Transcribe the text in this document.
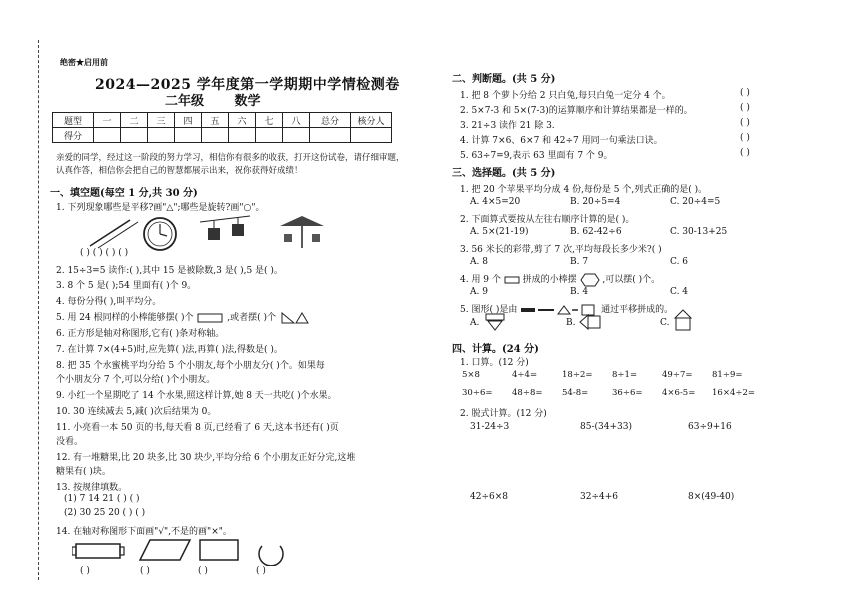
绝密★启用前
2024—2025 学年度第一学期期中学情检测卷
二年级 数学
题型	一	二	三	四	五	六	七	八	总分	核分人
得分										
亲爱的同学，经过这一阶段的努力学习，相信你有很多的收获，打开这份试卷，请仔细审题，认真作答，相信你会把自己的智慧都展示出来，祝你获得好成绩！
一、填空题(每空 1 分,共 30 分)
1. 下列现象哪些是平移?画"△";哪些是旋转?画"○"。
( ) ( ) ( ) ( )
2. 15÷3=5 读作:( ),其中 15 是被除数,3 是( ),5 是( )。
3. 8 个 5 是( );54 里面有( )个 9。
4. 每份分得( ),叫平均分。
5. 用 24 根同样的小棒能够摆( )个	,或者摆( )个
6. 正方形是轴对称图形,它有( )条对称轴。
7. 在计算 7×(4+5)时,应先算( )法,再算( )法,得数是( )。
8. 把 35 个水蜜桃平均分给 5 个小朋友,每个小朋友分( )个。如果每
个小朋友分 7 个,可以分给( )个小朋友。
9. 小红一个星期吃了 14 个水果,照这样计算,她 8 天一共吃( )个水果。
10. 30 连续减去 5,减( )次后结果为 0。
11. 小亮看一本 50 页的书,每天看 8 页,已经看了 6 天,这本书还有( )页
没看。
12. 有一堆糖果,比 20 块多,比 30 块少,平均分给 6 个小朋友正好分完,这堆
糖果有( )块。
13. 按规律填数。
(1) 7 14 21 ( ) ( )
(2) 30 25 20 ( ) ( )
14. 在轴对称图形下面画"√",不是的画"×"。
( )	( )	( )	( )
二、判断题。(共 5 分)
1. 把 8 个萝卜分给 2 只白兔,每只白兔一定分 4 个。
2. 5×7-3 和 5×(7-3)的运算顺序和计算结果都是一样的。
3. 21÷3 读作 21 除 3.
4. 计算 7×6、6×7 和 42÷7 用同一句乘法口诀。
5. 63÷7=9,表示 63 里面有 7 个 9。
( )
( )
( )
( )
( )
三、选择题。(共 5 分)
1. 把 20 个苹果平均分成 4 份,每份是 5 个,列式正确的是( )。
A. 4×5=20	B. 20÷5=4	C. 20÷4=5
2. 下面算式要按从左往右顺序计算的是( )。
A. 5×(21-19)	B. 62-42÷6	C. 30-13+25
3. 56 米长的彩带,剪了 7 次,平均每段长多少米?( )
A. 8	B. 7	C. 6
4. 用 9 个 拼成的小棒摆	,可以摆( )个。
A. 9	B. 4	C. 4
5. 图形( )是由	通过平移拼成的。
A.	B.	C.
四、计算。(24 分)
1. 口算。(12 分)
5×8	4÷4=	18÷2= 8÷1=	49÷7= 81÷9=
30÷6= 48÷8= 54-8=	36÷6= 4×6-5= 16×4÷2=
2. 脱式计算。(12 分)
31-24÷3	85-(34+33)	63÷9+16
42÷6×8	32÷4+6	8×(49-40)
